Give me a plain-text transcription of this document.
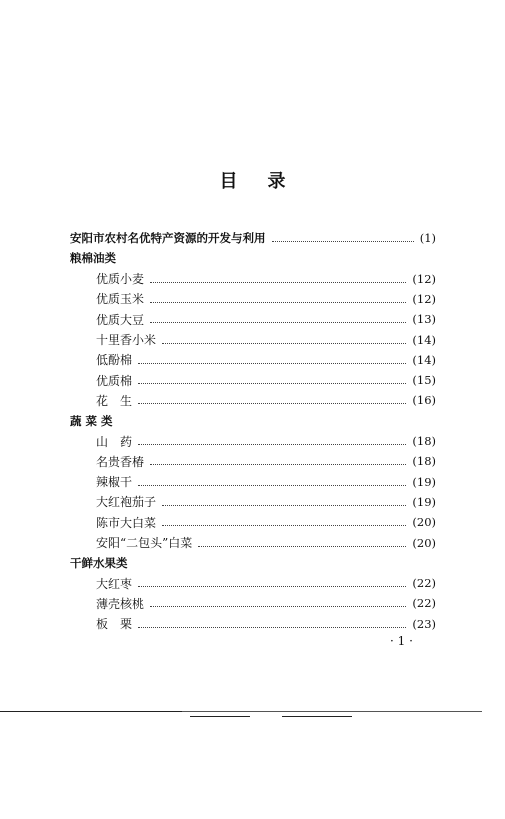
目 录
安阳市农村名优特产资源的开发与利用	(1)
粮棉油类
优质小麦	(12)
优质玉米	(12)
优质大豆	(13)
十里香小米	(14)
低酚棉	(14)
优质棉	(15)
花　生	(16)
蔬 菜 类
山　药	(18)
名贵香椿	(18)
辣椒干	(19)
大红袍茄子	(19)
陈市大白菜	(20)
安阳“二包头”白菜	(20)
干鲜水果类
大红枣	(22)
薄壳核桃	(22)
板　栗	(23)
· 1 ·
